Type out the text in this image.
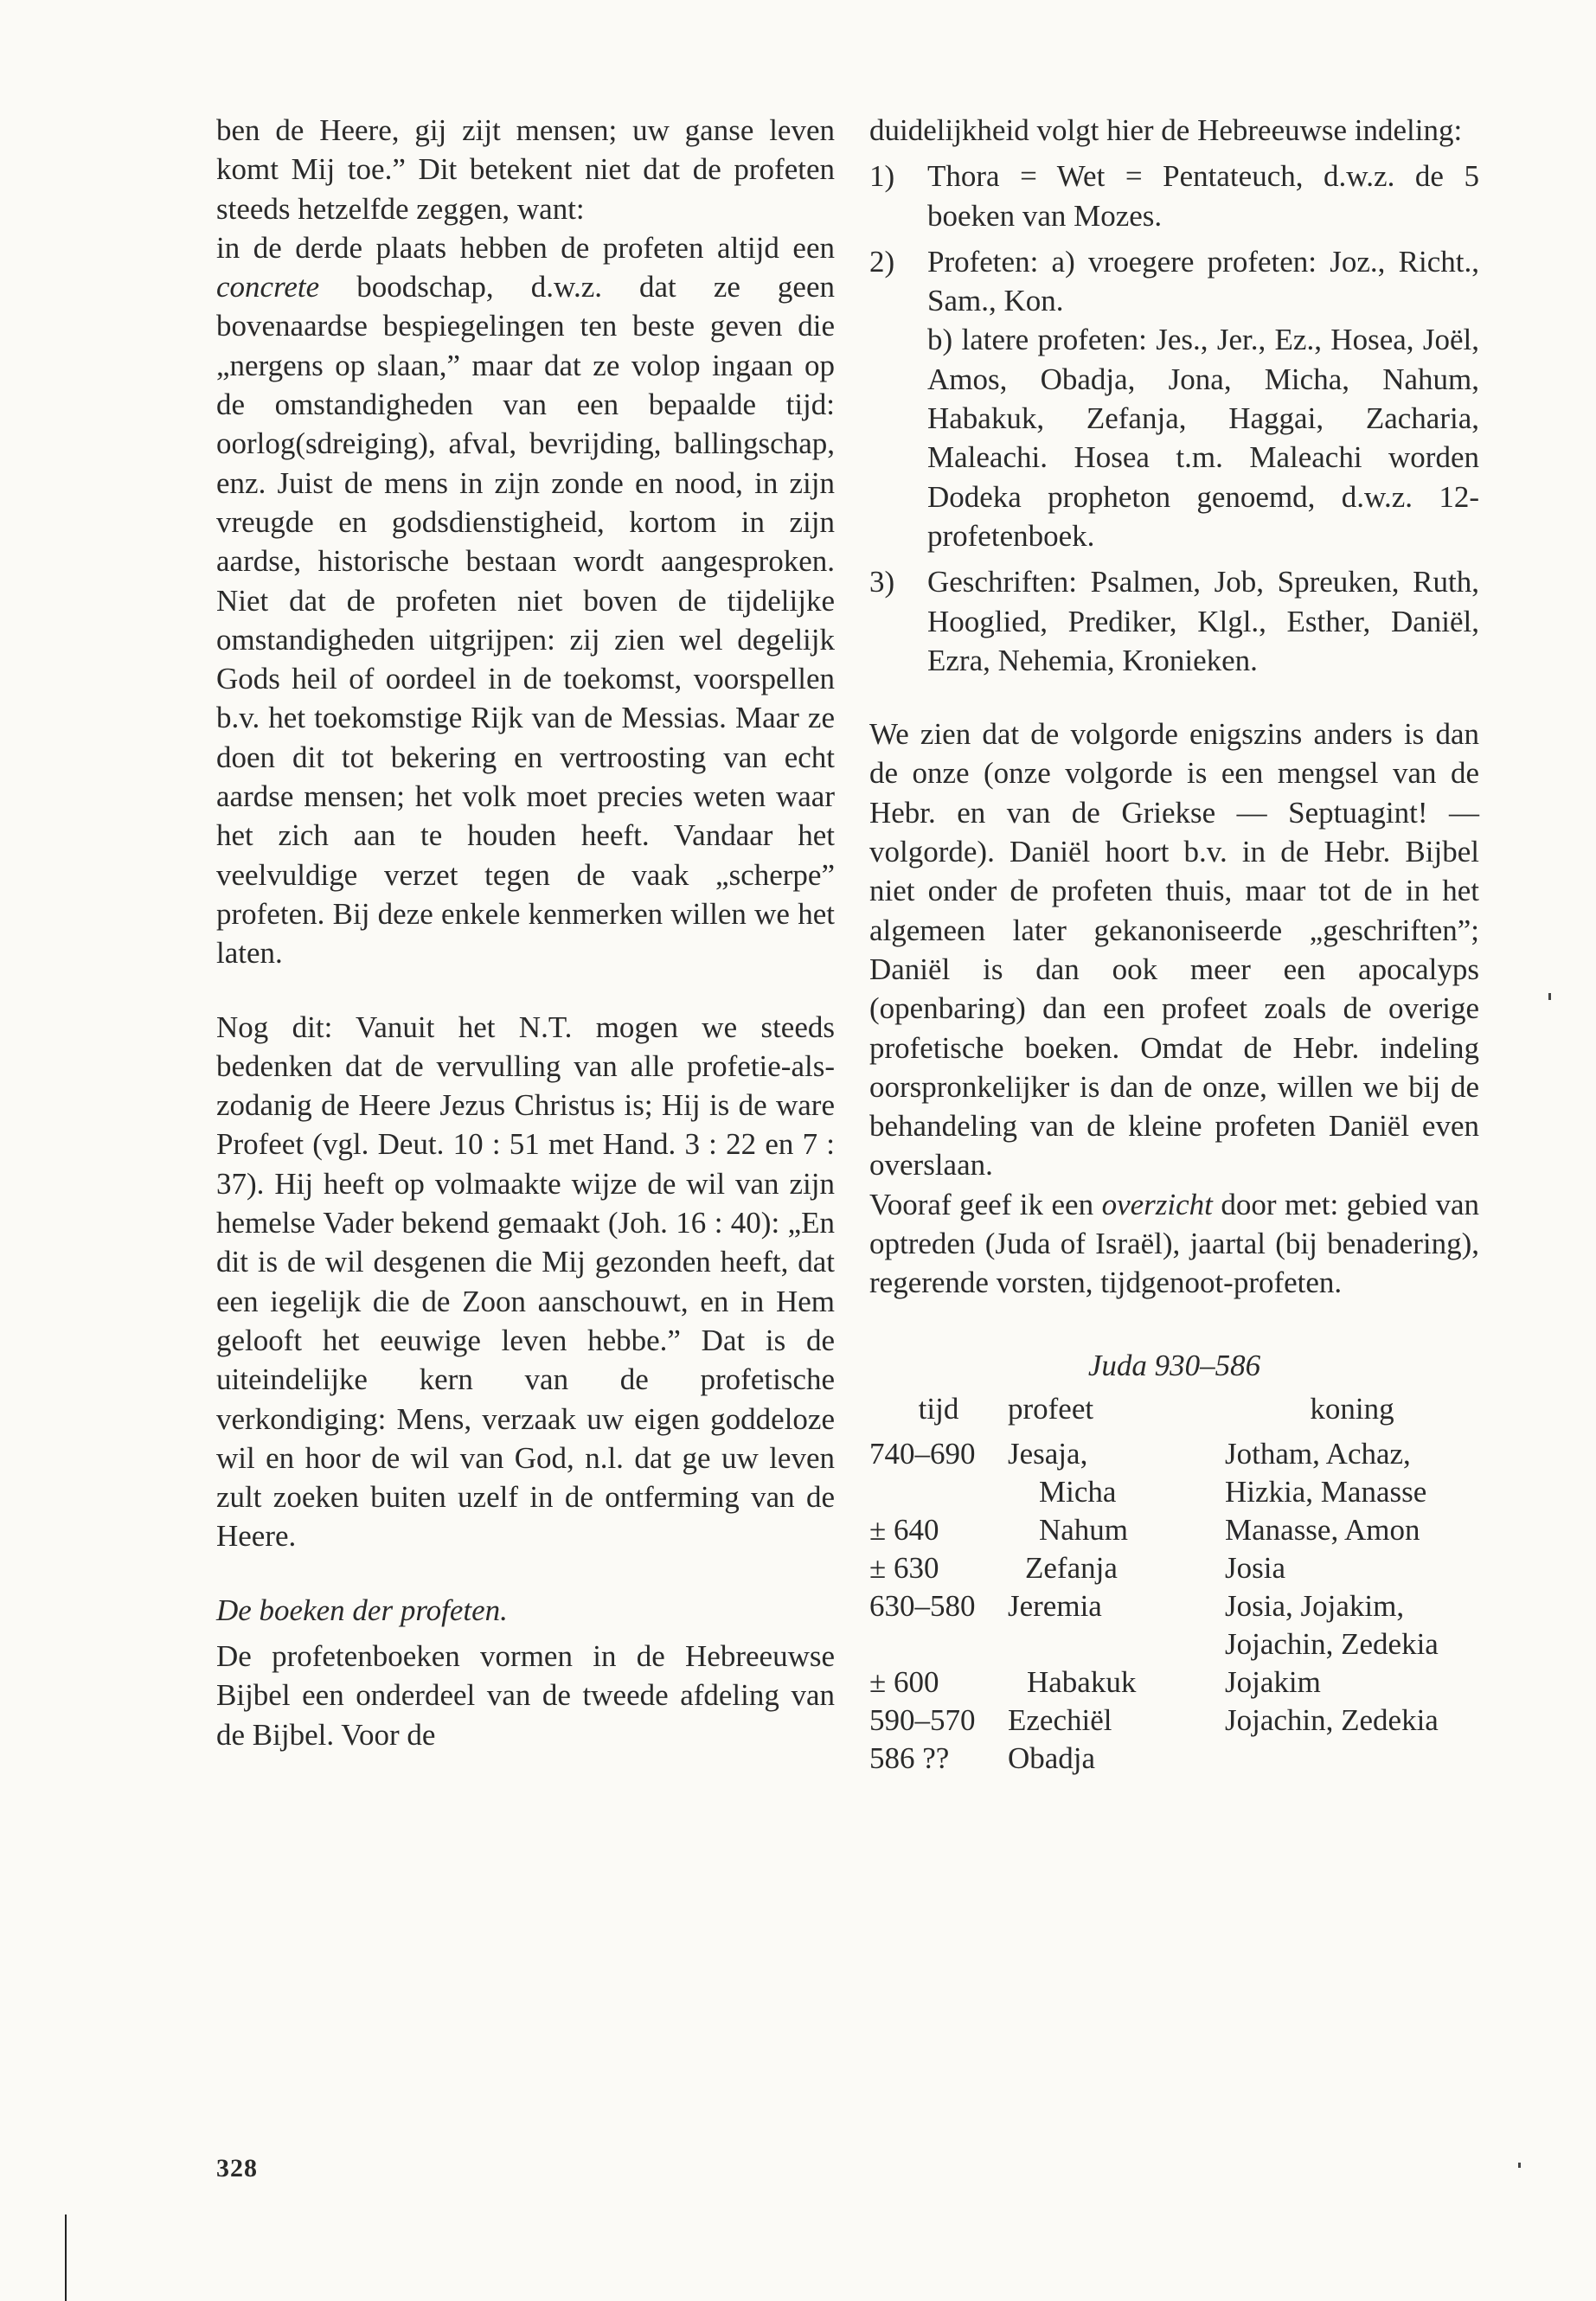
ben de Heere, gij zijt mensen; uw ganse leven komt Mij toe.” Dit betekent niet dat de profeten steeds hetzelfde zeggen, want:

in de derde plaats hebben de profeten altijd een concrete boodschap, d.w.z. dat ze geen bovenaardse bespiegelingen ten beste geven die „nergens op slaan,” maar dat ze volop ingaan op de omstandigheden van een bepaalde tijd: oorlog(sdreiging), afval, bevrijding, ballingschap, enz. Juist de mens in zijn zonde en nood, in zijn vreugde en godsdienstigheid, kortom in zijn aardse, historische bestaan wordt aangesproken. Niet dat de profeten niet boven de tijdelijke omstandigheden uitgrijpen: zij zien wel degelijk Gods heil of oordeel in de toekomst, voorspellen b.v. het toekomstige Rijk van de Messias. Maar ze doen dit tot bekering en vertroosting van echt aardse mensen; het volk moet precies weten waar het zich aan te houden heeft. Vandaar het veelvuldige verzet tegen de vaak „scherpe” profeten. Bij deze enkele kenmerken willen we het laten.

Nog dit: Vanuit het N.T. mogen we steeds bedenken dat de vervulling van alle profetie-als-zodanig de Heere Jezus Christus is; Hij is de ware Profeet (vgl. Deut. 10 : 51 met Hand. 3 : 22 en 7 : 37). Hij heeft op volmaakte wijze de wil van zijn hemelse Vader bekend gemaakt (Joh. 16 : 40): „En dit is de wil desgenen die Mij gezonden heeft, dat een iegelijk die de Zoon aanschouwt, en in Hem gelooft het eeuwige leven hebbe.” Dat is de uiteindelijke kern van de profetische verkondiging: Mens, verzaak uw eigen goddeloze wil en hoor de wil van God, n.l. dat ge uw leven zult zoeken buiten uzelf in de ontferming van de Heere.

De boeken der profeten.

De profetenboeken vormen in de Hebreeuwse Bijbel een onderdeel van de tweede afdeling van de Bijbel. Voor de

duidelijkheid volgt hier de Hebreeuwse indeling:

1)	Thora = Wet = Pentateuch, d.w.z. de 5 boeken van Mozes.
2)	Profeten: a) vroegere profeten: Joz., Richt., Sam., Kon.
b) latere profeten: Jes., Jer., Ez., Hosea, Joël, Amos, Obadja, Jona, Micha, Nahum, Habakuk, Zefanja, Haggai, Zacharia, Maleachi. Hosea t.m. Maleachi worden Dodeka propheton genoemd, d.w.z. 12-profetenboek.
3)	Geschriften: Psalmen, Job, Spreuken, Ruth, Hooglied, Prediker, Klgl., Esther, Daniël, Ezra, Nehemia, Kronieken.

We zien dat de volgorde enigszins anders is dan de onze (onze volgorde is een mengsel van de Hebr. en van de Griekse — Septuagint! — volgorde). Daniël hoort b.v. in de Hebr. Bijbel niet onder de profeten thuis, maar tot de in het algemeen later gekanoniseerde „geschriften”; Daniël is dan ook meer een apocalyps (openbaring) dan een profeet zoals de overige profetische boeken. Omdat de Hebr. indeling oorspronkelijker is dan de onze, willen we bij de behandeling van de kleine profeten Daniël even overslaan.

Vooraf geef ik een overzicht door met: gebied van optreden (Juda of Israël), jaartal (bij benadering), regerende vorsten, tijdgenoot-profeten.

Juda 930–586
tijd	profeet	koning
740–690	Jesaja,	Jotham, Achaz,
	Micha	Hizkia, Manasse
± 640	Nahum	Manasse, Amon
± 630	Zefanja	Josia
630–580	Jeremia	Josia, Jojakim,
		Jojachin, Zedekia
± 600	Habakuk	Jojakim
590–570	Ezechiël	Jojachin, Zedekia
586 ??	Obadja	
328
